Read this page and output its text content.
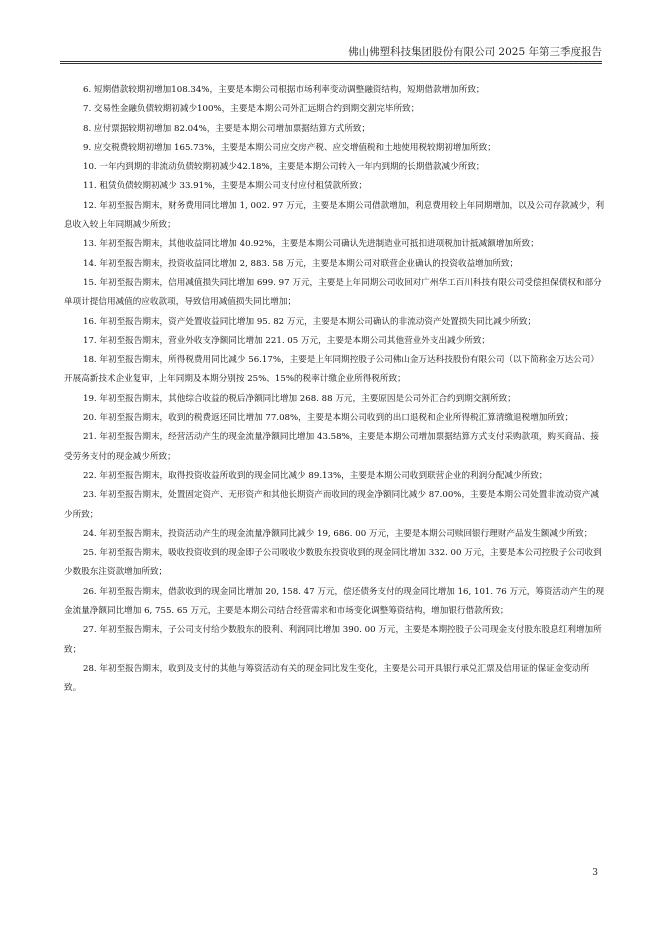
佛山佛塑科技集团股份有限公司 2025 年第三季度报告

6. 短期借款较期初增加108.34%，主要是本期公司根据市场利率变动调整融资结构，短期借款增加所致；

7. 交易性金融负债较期初减少100%，主要是本期公司外汇远期合约到期交割完毕所致；

8. 应付票据较期初增加 82.04%，主要是本期公司增加票据结算方式所致；

9. 应交税费较期初增加 165.73%，主要是本期公司应交房产税、应交增值税和土地使用税较期初增加所致；

10. 一年内到期的非流动负债较期初减少42.18%，主要是本期公司转入一年内到期的长期借款减少所致；

11. 租赁负债较期初减少 33.91%，主要是本期公司支付应付租赁款所致；

12. 年初至报告期末，财务费用同比增加 1, 002. 97 万元，主要是本期公司借款增加，利息费用较上年同期增加，以及公司存款减少，利息收入较上年同期减少所致；

13. 年初至报告期末，其他收益同比增加 40.92%，主要是本期公司确认先进制造业可抵扣进项税加计抵减额增加所致；

14. 年初至报告期末，投资收益同比增加 2, 883. 58 万元，主要是本期公司对联营企业确认的投资收益增加所致；

15. 年初至报告期末，信用减值损失同比增加 699. 97 万元，主要是上年同期公司收回对广州华工百川科技有限公司受偿担保债权和部分单项计提信用减值的应收款项，导致信用减值损失同比增加；

16. 年初至报告期末，资产处置收益同比增加 95. 82 万元，主要是本期公司确认的非流动资产处置损失同比减少所致；

17. 年初至报告期末，营业外收支净额同比增加 221. 05 万元，主要是本期公司其他营业外支出减少所致；

18. 年初至报告期末，所得税费用同比减少 56.17%，主要是上年同期控股子公司佛山金万达科技股份有限公司（以下简称金万达公司）开展高新技术企业复审，上年同期及本期分别按 25%、15%的税率计缴企业所得税所致；

19. 年初至报告期末，其他综合收益的税后净额同比增加 268. 88 万元，主要原因是公司外汇合约到期交割所致；

20. 年初至报告期末，收到的税费返还同比增加 77.08%，主要是本期公司收到的出口退税和企业所得税汇算清缴退税增加所致；

21. 年初至报告期末，经营活动产生的现金流量净额同比增加 43.58%，主要是本期公司增加票据结算方式支付采购款项，购买商品、接受劳务支付的现金减少所致；

22. 年初至报告期末，取得投资收益所收到的现金同比减少 89.13%，主要是本期公司收到联营企业的利润分配减少所致；

23. 年初至报告期末，处置固定资产、无形资产和其他长期资产而收回的现金净额同比减少 87.00%，主要是本期公司处置非流动资产减少所致；

24. 年初至报告期末，投资活动产生的现金流量净额同比减少 19, 686. 00 万元，主要是本期公司赎回银行理财产品发生额减少所致；

25. 年初至报告期末，吸收投资收到的现金即子公司吸收少数股东投资收到的现金同比增加 332. 00 万元，主要是本公司控股子公司收到少数股东注资款增加所致；

26. 年初至报告期末，借款收到的现金同比增加 20, 158. 47 万元，偿还债务支付的现金同比增加 16, 101. 76 万元，筹资活动产生的现金流量净额同比增加 6, 755. 65 万元，主要是本期公司结合经营需求和市场变化调整筹资结构，增加银行借款所致；

27. 年初至报告期末，子公司支付给少数股东的股利、利润同比增加 390. 00 万元，主要是本期控股子公司现金支付股东股息红利增加所致；

28. 年初至报告期末，收到及支付的其他与筹资活动有关的现金同比发生变化，主要是公司开具银行承兑汇票及信用证的保证金变动所致。

3
